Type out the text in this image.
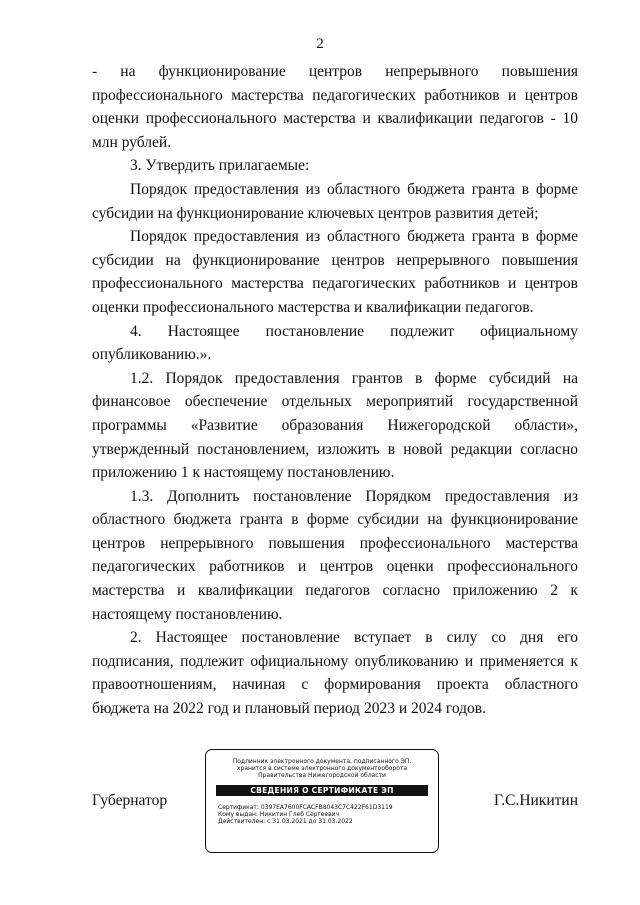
2

- на функционирование центров непрерывного повышения профессионального мастерства педагогических работников и центров оценки профессионального мастерства и квалификации педагогов - 10 млн рублей.

3. Утвердить прилагаемые:

Порядок предоставления из областного бюджета гранта в форме субсидии на функционирование ключевых центров развития детей;

Порядок предоставления из областного бюджета гранта в форме субсидии на функционирование центров непрерывного повышения профессионального мастерства педагогических работников и центров оценки профессионального мастерства и квалификации педагогов.

4. Настоящее постановление подлежит официальному опубликованию.».

1.2. Порядок предоставления грантов в форме субсидий на финансовое обеспечение отдельных мероприятий государственной программы «Развитие образования Нижегородской области», утвержденный постановлением, изложить в новой редакции согласно приложению 1 к настоящему постановлению.

1.3. Дополнить постановление Порядком предоставления из областного бюджета гранта в форме субсидии на функционирование центров непрерывного повышения профессионального мастерства педагогических работников и центров оценки профессионального мастерства и квалификации педагогов согласно приложению 2 к настоящему постановлению.

2. Настоящее постановление вступает в силу со дня его подписания, подлежит официальному опубликованию и применяется к правоотношениям, начиная с формирования проекта областного бюджета на 2022 год и плановый период 2023 и 2024 годов.

Губернатор	Г.С.Никитин
Подлинник электронного документа, подписанного ЭП,
хранится в системе электронного документооборота
Правительства Нижегородской области
СВЕДЕНИЯ О СЕРТИФИКАТЕ ЭП
Сертификат: 0397EA7600FCACFB8043C7C422F61D3119
Кому выдан: Никитин Глеб Сергеевич
Действителен: с 31.03.2021 до 31.03.2022
